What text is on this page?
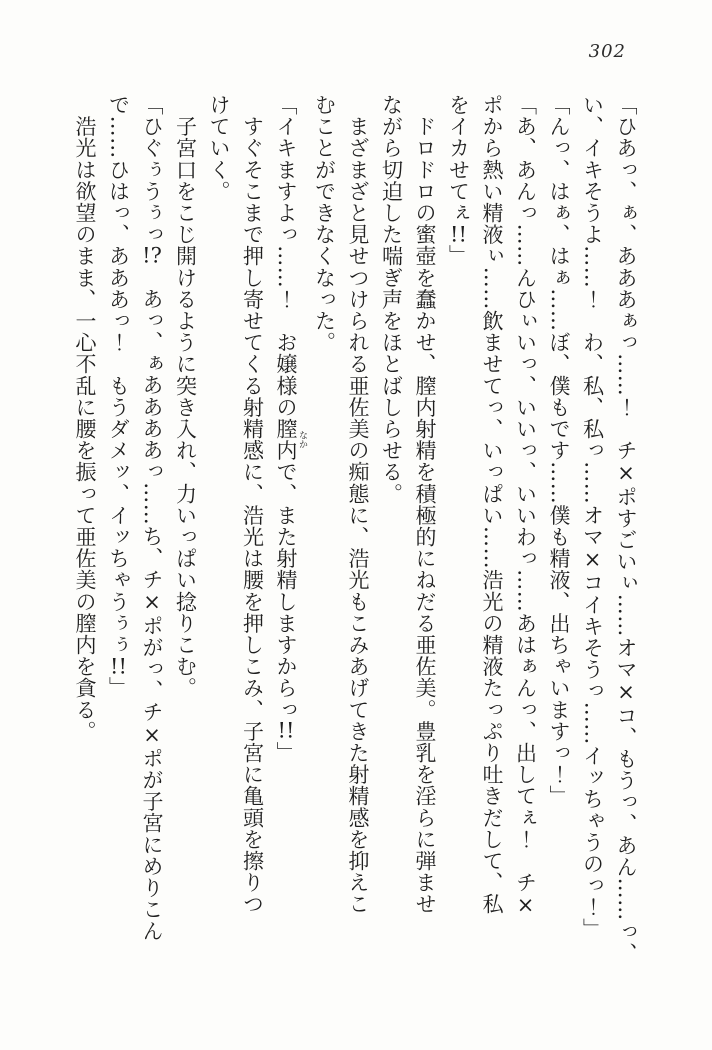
302
「ひあっ、ぁ、あああぁっ……！　チ×ポすごいぃ……オマ×コ、もうっ、あん……っ、
い、イキそうよ……！　わ、私、私っ……オマ×コイキそうっ……イッちゃうのっ！」
「んっ、はぁ、はぁ……ぼ、僕もです……僕も精液、出ちゃいますっ！」
「あ、あんっ……んひぃいっ、いいっ、いいわっ……あはぁんっ、出してぇ！　チ×
ポから熱い精液ぃ……飲ませてっ、いっぱい……浩光の精液たっぷり吐きだして、私
をイカせてぇ!!」
　ドロドロの蜜壺を蠢かせ、膣内射精を積極的にねだる亜佐美。豊乳を淫らに弾ませ
ながら切迫した喘ぎ声をほとばしらせる。
　まざまざと見せつけられる亜佐美の痴態に、浩光もこみあげてきた射精感を抑えこ
むことができなくなった。
「イキますよっ……！　お嬢様の膣内 なかで、また射精しますからっ!!」
　すぐそこまで押し寄せてくる射精感に、浩光は腰を押しこみ、子宮に亀頭を擦りつ
けていく。
　子宮口をこじ開けるように突き入れ、力いっぱい捻りこむ。
「ひぐぅうぅっ!?　あっ、ぁああああっ……ち、チ×ポがっ、チ×ポが子宮にめりこん
で……ひはっ、あああっ！　もうダメッ、イッちゃうぅぅ!!」
　浩光は欲望のまま、一心不乱に腰を振って亜佐美の膣内を貪る。
